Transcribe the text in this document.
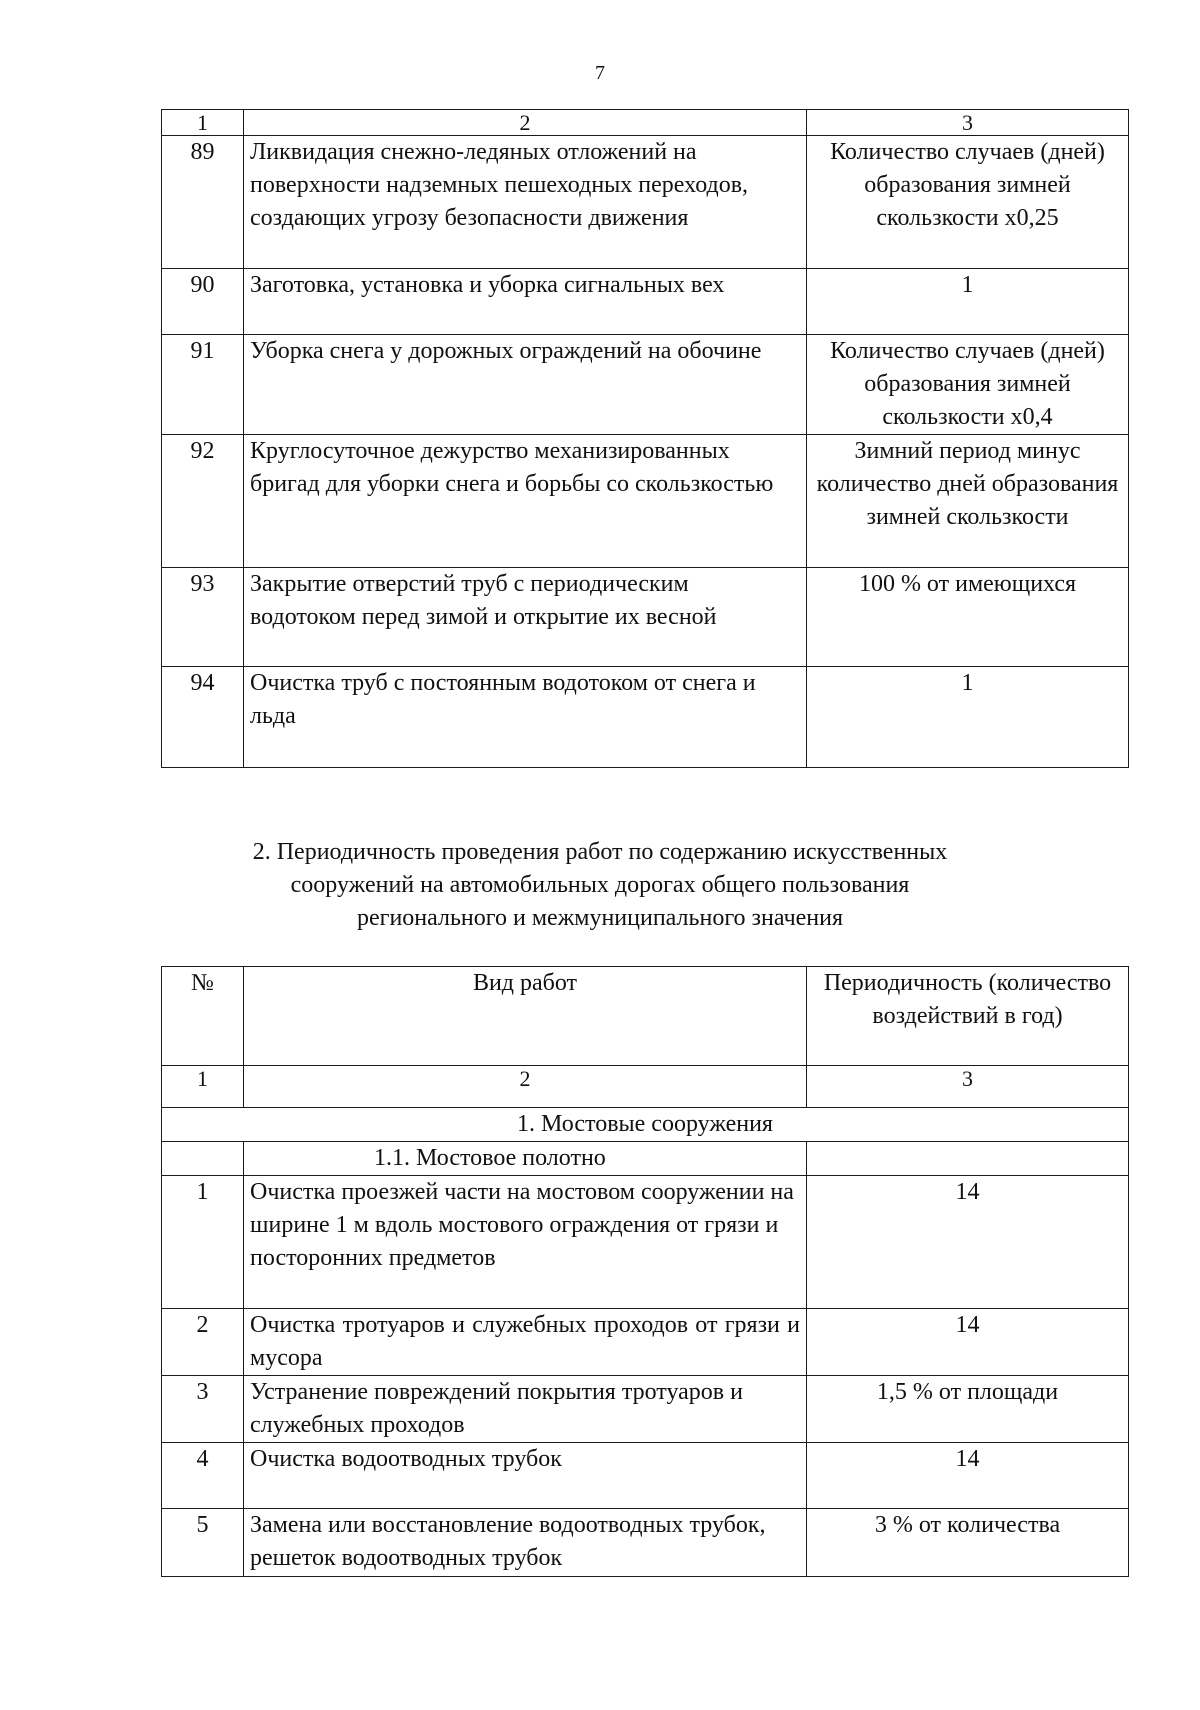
7
1	2	3
89	Ликвидация снежно-ледяных отложений на поверхности надземных пешеходных переходов, создающих угрозу безопасности движения	Количество случаев (дней) образования зимней скользкости х0,25
90	Заготовка, установка и уборка сигнальных вех	1
91	Уборка снега у дорожных ограждений на обочине	Количество случаев (дней) образования зимней скользкости х0,4
92	Круглосуточное дежурство механизированных бригад для уборки снега и борьбы со скользкостью	Зимний период минус количество дней образования зимней скользкости
93	Закрытие отверстий труб с периодическим водотоком перед зимой и открытие их весной	100 % от имеющихся
94	Очистка труб с постоянным водотоком от снега и льда	1
2. Периодичность проведения работ по содержанию искусственных
сооружений на автомобильных дорогах общего пользования
регионального и межмуниципального значения
№	Вид работ	Периодичность (количество воздействий в год)
1	2	3
1. Мостовые сооружения		
	1.1. Мостовое полотно	
1	Очистка проезжей части на мостовом сооружении на ширине 1 м вдоль мостового ограждения от грязи и посторонних предметов	14
2	Очистка тротуаров и служебных проходов от грязи и мусора	14
3	Устранение повреждений покрытия тротуаров и служебных проходов	1,5 % от площади
4	Очистка водоотводных трубок	14
5	Замена или восстановление водоотводных трубок, решеток водоотводных трубок	3 % от количества
